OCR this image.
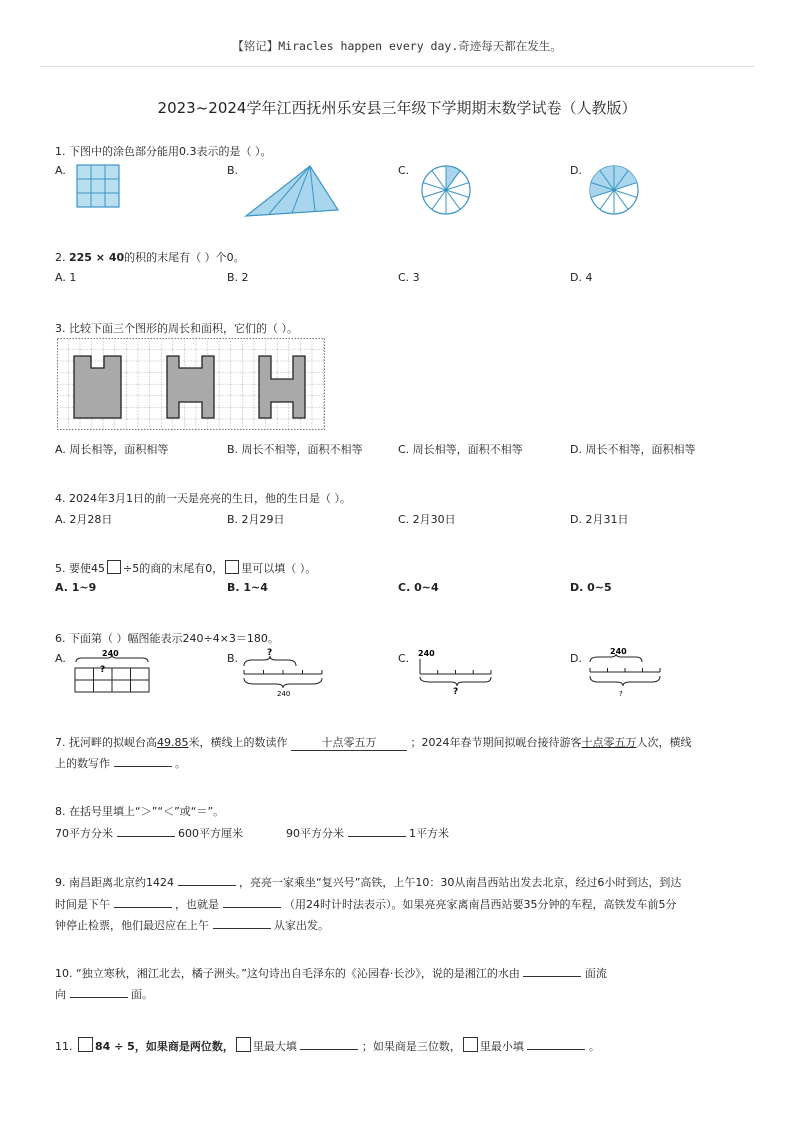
【铭记】Miracles happen every day.奇迹每天都在发生。
2023~2024学年江西抚州乐安县三年级下学期期末数学试卷（人教版）
1. 下图中的涂色部分能用0.3表示的是（ ）。
A.	B.	C.	D.
2. 225 × 40的积的末尾有（ ）个0。
A. 1	B. 2	C. 3	D. 4
3. 比较下面三个图形的周长和面积，它们的（ ）。
A. 周长相等，面积相等	B. 周长不相等，面积不相等	C. 周长相等，面积不相等	D. 周长不相等，面积相等
4. 2024年3月1日的前一天是亮亮的生日，他的生日是（ ）。
A. 2月28日	B. 2月29日	C. 2月30日	D. 2月31日
5. 要使45 ÷5的商的末尾有0， 里可以填（ ）。
A. 1~9	B. 1~4	C. 0~4	D. 0~5
6. 下面第（ ）幅图能表示240÷4×3＝180。
A.	B.	C.	D.
240
?
?
240
240
?
240
?
7. 抚河畔的拟岘台高49.85米，横线上的数读作	十点零五万	；2024年春节期间拟岘台接待游客十点零五万人次，横线
上的数写作	。
8. 在括号里填上“＞”“＜”或“＝”。
70平方分米	600平方厘米	90平方分米	1平方米
9. 南昌距离北京约1424	，亮亮一家乘坐“复兴号”高铁，上午10：30从南昌西站出发去北京，经过6小时到达，到达
时间是下午	，也就是	（用24时计时法表示）。如果亮亮家离南昌西站要35分钟的车程，高铁发车前5分
钟停止检票，他们最迟应在上午	从家出发。
10. “独立寒秋，湘江北去，橘子洲头。”这句诗出自毛泽东的《沁园春·长沙》，说的是湘江的水由	面流
向	面。
11. 84 ÷ 5，如果商是两位数， 里最大填	；如果商是三位数， 里最小填	。
